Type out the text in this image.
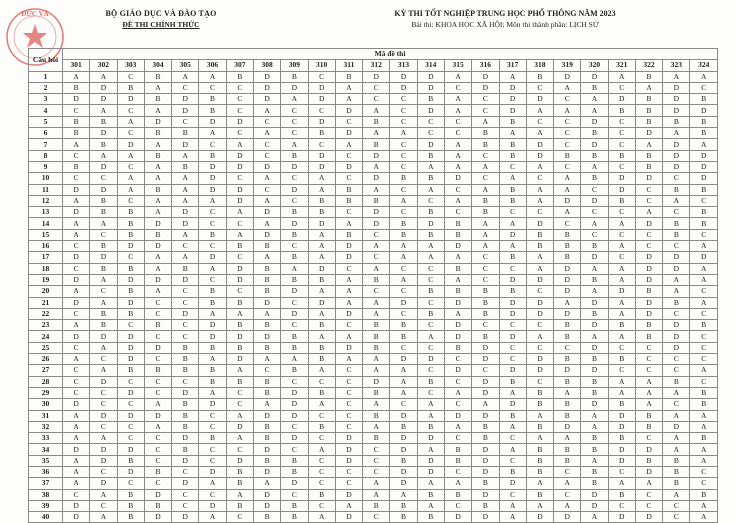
ĐỨC VÀ	BỘ GIÁO DỤC VÀ ĐÀO TẠO
ĐỀ THI CHÍNH THỨC
KỲ THI TỐT NGHIỆP TRUNG HỌC PHỔ THÔNG NĂM 2023
Bài thi: KHOA HỌC XÃ HỘI; Môn thi thành phần: LỊCH SỬ
Câu hỏi	Mã đề thi																							
	301	302	303	304	305	306	307	308	309	310	311	312	313	314	315	316	317	318	319	320	321	322	323	324
1	A	A	C	B	A	A	B	D	B	C	B	D	D	D	A	D	A	B	D	D	A	B	A	A
2	B	D	B	A	C	C	C	D	D	D	A	C	D	D	C	D	D	C	A	B	C	A	D	C
3	D	D	D	B	D	B	C	D	A	D	A	C	C	B	A	C	D	D	C	A	D	B	D	B
4	C	A	C	A	D	B	C	A	C	C	D	A	C	D	A	C	D	A	A	A	B	B	D	D
5	B	B	A	D	C	D	D	C	C	D	C	B	C	C	C	A	B	C	C	D	C	B	B	B
6	B	D	C	B	B	A	C	A	C	B	D	A	A	C	C	B	A	A	C	B	C	D	A	B
7	A	B	D	A	D	C	A	C	A	C	A	B	C	D	A	B	B	D	C	D	C	A	D	A
8	C	A	A	B	A	B	D	C	B	D	C	D	C	B	A	C	B	D	B	B	B	B	D	D
9	B	D	C	A	B	D	D	D	D	D	D	A	C	A	A	A	C	A	C	A	C	B	D	D
10	C	C	A	A	A	D	C	A	C	A	C	D	B	B	D	C	A	C	A	B	D	D	C	D
11	D	D	A	B	A	D	D	C	D	A	B	A	C	A	C	A	B	A	A	C	D	C	B	B
12	A	B	C	A	A	A	D	A	C	B	B	B	A	C	A	B	B	A	D	D	B	C	A	C
13	D	B	B	A	D	C	A	D	B	B	C	D	C	B	C	B	C	C	A	C	C	A	C	B
14	A	A	B	D	D	C	C	A	D	D	A	D	B	D	B	A	A	D	C	A	A	D	B	B
15	A	C	B	B	A	B	A	D	B	A	B	C	B	B	B	A	D	B	B	C	C	C	B	C
16	C	B	D	D	C	C	B	B	C	A	D	A	A	A	D	A	A	B	B	B	A	C	C	A
17	D	D	C	A	A	D	C	A	B	A	D	C	A	A	A	C	B	A	B	D	C	D	D	D
18	C	B	B	A	B	A	D	B	A	D	C	A	C	C	B	C	C	A	D	A	A	D	D	A
19	D	A	D	D	D	C	D	B	B	B	A	B	A	C	A	C	D	D	D	B	A	D	A	A
20	A	C	B	A	C	B	C	B	D	A	A	C	C	B	B	B	B	C	D	A	D	B	A	C
21	D	A	D	C	C	B	B	D	C	D	A	A	D	C	D	B	D	D	A	D	A	D	B	A
22	C	B	B	C	D	A	A	A	D	A	D	A	C	B	A	B	D	D	D	B	A	D	C	C
23	A	B	C	B	C	D	B	B	C	B	C	B	B	C	D	C	C	C	B	D	B	B	D	B
24	D	D	D	C	C	D	D	D	B	A	A	B	B	A	D	B	D	A	B	A	A	B	D	C
25	C	A	D	D	B	B	B	B	B	B	D	B	C	C	B	D	C	C	C	D	C	C	D	C
26	A	C	D	C	B	A	D	A	A	B	A	A	D	D	C	D	C	D	B	B	B	C	C	C
27	C	A	B	B	B	B	A	C	B	A	C	A	A	C	D	C	D	D	D	D	C	C	C	A
28	C	D	C	C	C	B	B	B	C	C	C	D	A	B	C	D	B	C	B	B	A	A	B	C
29	C	C	D	C	D	A	C	B	D	B	C	B	A	C	A	D	A	B	A	B	A	A	A	B
30	D	C	C	A	B	D	C	A	D	A	C	A	C	A	C	A	D	B	B	D	B	A	C	B
31	A	D	D	D	B	C	A	D	D	C	C	B	D	A	D	D	B	A	B	A	D	B	A	A
32	A	C	C	A	B	C	D	B	C	B	C	A	B	B	A	B	A	B	D	A	D	B	D	A
33	A	A	C	C	D	B	A	B	D	C	D	B	D	D	C	B	C	A	A	B	B	C	A	B
34	D	D	D	C	B	C	C	D	C	A	D	C	D	A	B	D	A	B	B	B	D	D	A	A
35	A	D	B	C	D	C	D	B	B	C	D	C	B	D	B	D	C	B	B	A	D	B	B	A
36	A	C	D	B	C	D	B	D	B	C	C	C	D	D	C	D	B	B	C	B	C	D	B	C
37	A	D	C	C	D	A	B	A	D	C	C	A	D	A	A	B	D	A	A	B	A	A	B	C
38	C	A	B	D	C	C	A	D	C	B	D	A	A	B	B	D	C	B	C	D	B	C	A	B
39	D	C	B	B	C	D	B	D	B	C	A	B	B	A	C	B	A	A	A	D	C	C	C	A
40	D	A	B	D	D	A	C	B	B	A	D	C	B	B	D	D	A	D	D	A	D	D	C	A
